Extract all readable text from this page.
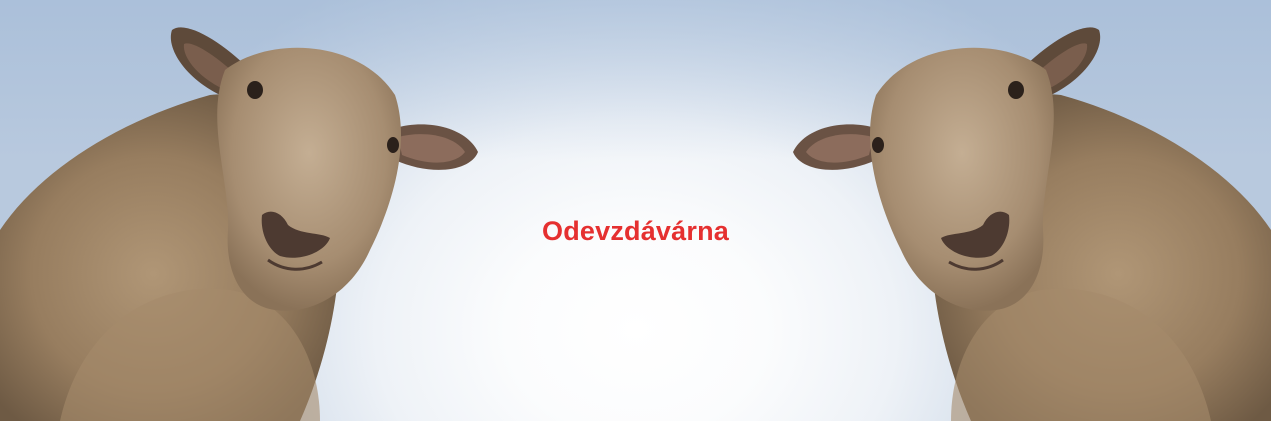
Odevzdávárna
